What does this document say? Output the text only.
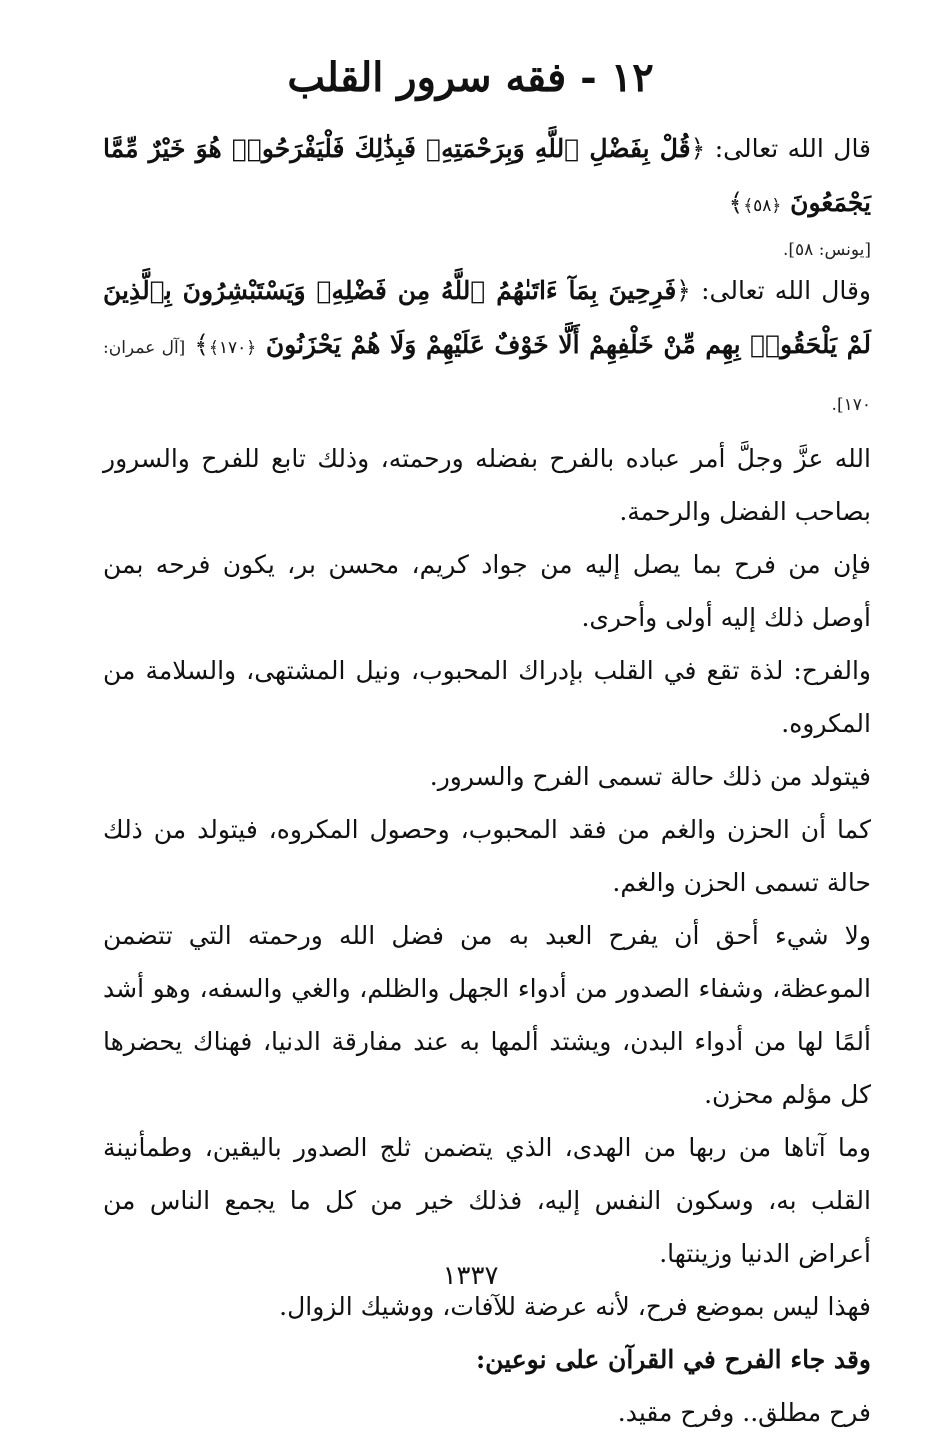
١٢ - فقه سرور القلب

قال الله تعالى: ﴿قُلْ بِفَضْلِ ٱللَّهِ وَبِرَحْمَتِهِۦ فَبِذَٰلِكَ فَلْيَفْرَحُوا۟ هُوَ خَيْرٌ مِّمَّا يَجْمَعُونَ ﴿٥٨﴾﴾

[يونس: ٥٨].

وقال الله تعالى: ﴿فَرِحِينَ بِمَآ ءَاتَىٰهُمُ ٱللَّهُ مِن فَضْلِهِۦ وَيَسْتَبْشِرُونَ بِٱلَّذِينَ لَمْ يَلْحَقُوا۟ بِهِم مِّنْ خَلْفِهِمْ أَلَّا خَوْفٌ عَلَيْهِمْ وَلَا هُمْ يَحْزَنُونَ ﴿١٧٠﴾﴾ [آل عمران: ١٧٠].

الله عزَّ وجلَّ أمر عباده بالفرح بفضله ورحمته، وذلك تابع للفرح والسرور بصاحب الفضل والرحمة.

فإن من فرح بما يصل إليه من جواد كريم، محسن بر، يكون فرحه بمن أوصل ذلك إليه أولى وأحرى.

والفرح: لذة تقع في القلب بإدراك المحبوب، ونيل المشتهى، والسلامة من المكروه.

فيتولد من ذلك حالة تسمى الفرح والسرور.

كما أن الحزن والغم من فقد المحبوب، وحصول المكروه، فيتولد من ذلك حالة تسمى الحزن والغم.

ولا شيء أحق أن يفرح العبد به من فضل الله ورحمته التي تتضمن الموعظة، وشفاء الصدور من أدواء الجهل والظلم، والغي والسفه، وهو أشد ألمًا لها من أدواء البدن، ويشتد ألمها به عند مفارقة الدنيا، فهناك يحضرها كل مؤلم محزن.

وما آتاها من ربها من الهدى، الذي يتضمن ثلج الصدور باليقين، وطمأنينة القلب به، وسكون النفس إليه، فذلك خير من كل ما يجمع الناس من أعراض الدنيا وزينتها.

فهذا ليس بموضع فرح، لأنه عرضة للآفات، ووشيك الزوال.

وقد جاء الفرح في القرآن على نوعين:

فرح مطلق.. وفرح مقيد.

١٣٣٧
